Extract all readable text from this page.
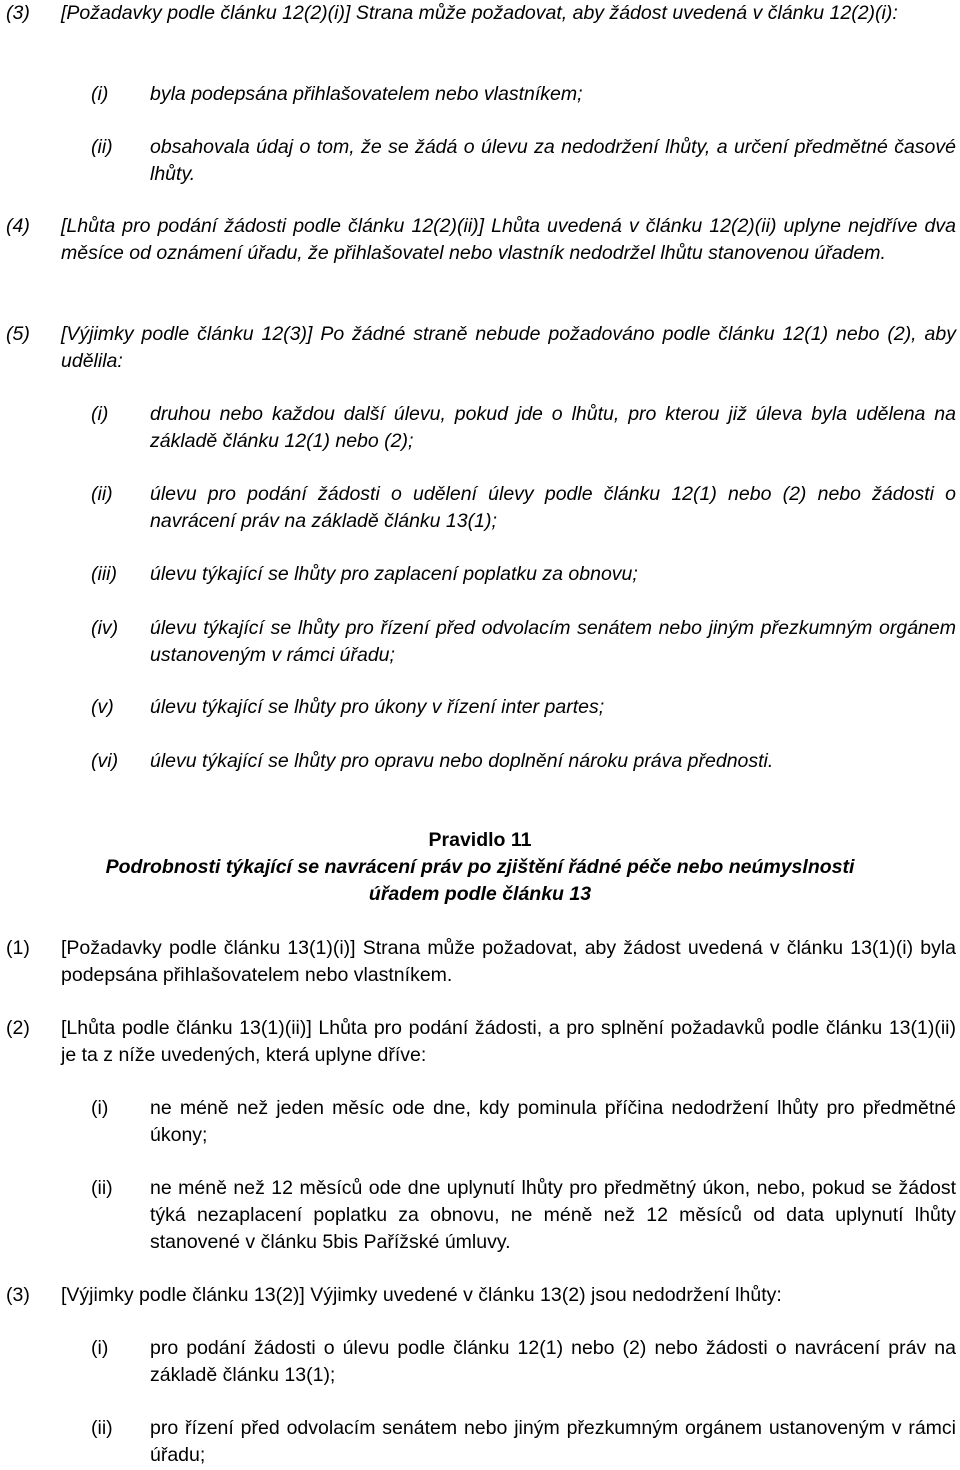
(3) [Požadavky podle článku 12(2)(i)] Strana může požadovat, aby žádost uvedená v článku 12(2)(i):
(i) byla podepsána přihlašovatelem nebo vlastníkem;
(ii) obsahovala údaj o tom, že se žádá o úlevu za nedodržení lhůty, a určení předmětné časové lhůty.
(4) [Lhůta pro podání žádosti podle článku 12(2)(ii)] Lhůta uvedená v článku 12(2)(ii) uplyne nejdříve dva měsíce od oznámení úřadu, že přihlašovatel nebo vlastník nedodržel lhůtu stanovenou úřadem.
(5) [Výjimky podle článku 12(3)] Po žádné straně nebude požadováno podle článku 12(1) nebo (2), aby udělila:
(i) druhou nebo každou další úlevu, pokud jde o lhůtu, pro kterou již úleva byla udělena na základě článku 12(1) nebo (2);
(ii) úlevu pro podání žádosti o udělení úlevy podle článku 12(1) nebo (2) nebo žádosti o navrácení práv na základě článku 13(1);
(iii) úlevu týkající se lhůty pro zaplacení poplatku za obnovu;
(iv) úlevu týkající se lhůty pro řízení před odvolacím senátem nebo jiným přezkumným orgánem ustanoveným v rámci úřadu;
(v) úlevu týkající se lhůty pro úkony v řízení inter partes;
(vi) úlevu týkající se lhůty pro opravu nebo doplnění nároku práva přednosti.
Pravidlo 11
Podrobnosti týkající se navrácení práv po zjištění řádné péče nebo neúmyslnosti
úřadem podle článku 13
(1) [Požadavky podle článku 13(1)(i)] Strana může požadovat, aby žádost uvedená v článku 13(1)(i) byla podepsána přihlašovatelem nebo vlastníkem.
(2) [Lhůta podle článku 13(1)(ii)] Lhůta pro podání žádosti, a pro splnění požadavků podle článku 13(1)(ii) je ta z níže uvedených, která uplyne dříve:
(i) ne méně než jeden měsíc ode dne, kdy pominula příčina nedodržení lhůty pro předmětné úkony;
(ii) ne méně než 12 měsíců ode dne uplynutí lhůty pro předmětný úkon, nebo, pokud se žádost týká nezaplacení poplatku za obnovu, ne méně než 12 měsíců od data uplynutí lhůty stanovené v článku 5bis Pařížské úmluvy.
(3) [Výjimky podle článku 13(2)] Výjimky uvedené v článku 13(2) jsou nedodržení lhůty:
(i) pro podání žádosti o úlevu podle článku 12(1) nebo (2) nebo žádosti o navrácení práv na základě článku 13(1);
(ii) pro řízení před odvolacím senátem nebo jiným přezkumným orgánem ustanoveným v rámci úřadu;
